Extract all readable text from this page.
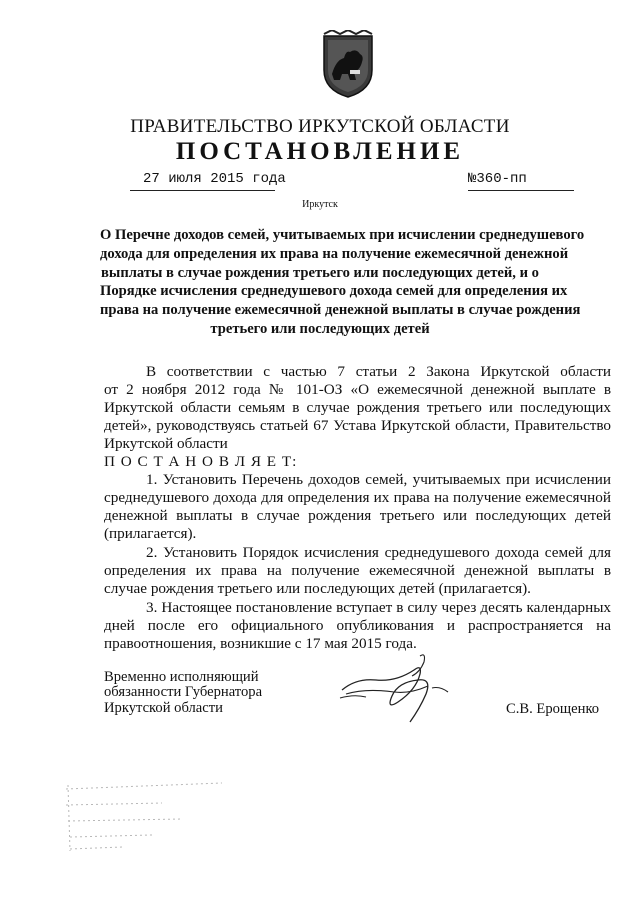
ПРАВИТЕЛЬСТВО ИРКУТСКОЙ ОБЛАСТИ
ПОСТАНОВЛЕНИЕ
27 июля 2015 года	№360-пп
Иркутск
О Перечне доходов семей, учитываемых при исчислении среднедушевого
дохода для определения их права на получение ежемесячной денежной
выплаты в случае рождения третьего или последующих детей, и о
Порядке исчисления среднедушевого дохода семей для определения их
права на получение ежемесячной денежной выплаты в случае рождения
третьего или последующих детей
В соответствии с частью 7 статьи 2 Закона Иркутской области
от 2 ноября 2012 года № 101-ОЗ «О ежемесячной денежной выплате в
Иркутской области семьям в случае рождения третьего или последующих
детей», руководствуясь статьей 67 Устава Иркутской области, Правительство
Иркутской области
П О С Т А Н О В Л Я Е Т:
1. Установить Перечень доходов семей, учитываемых при исчислении
среднедушевого дохода для определения их права на получение ежемесячной
денежной выплаты в случае рождения третьего или последующих детей
(прилагается).
2. Установить Порядок исчисления среднедушевого дохода семей для
определения их права на получение ежемесячной денежной выплаты в
случае рождения третьего или последующих детей (прилагается).
3. Настоящее постановление вступает в силу через десять календарных
дней после его официального опубликования и распространяется на
правоотношения, возникшие с 17 мая 2015 года.
Временно исполняющий
обязанности Губернатора
Иркутской области	С.В. Ерощенко
